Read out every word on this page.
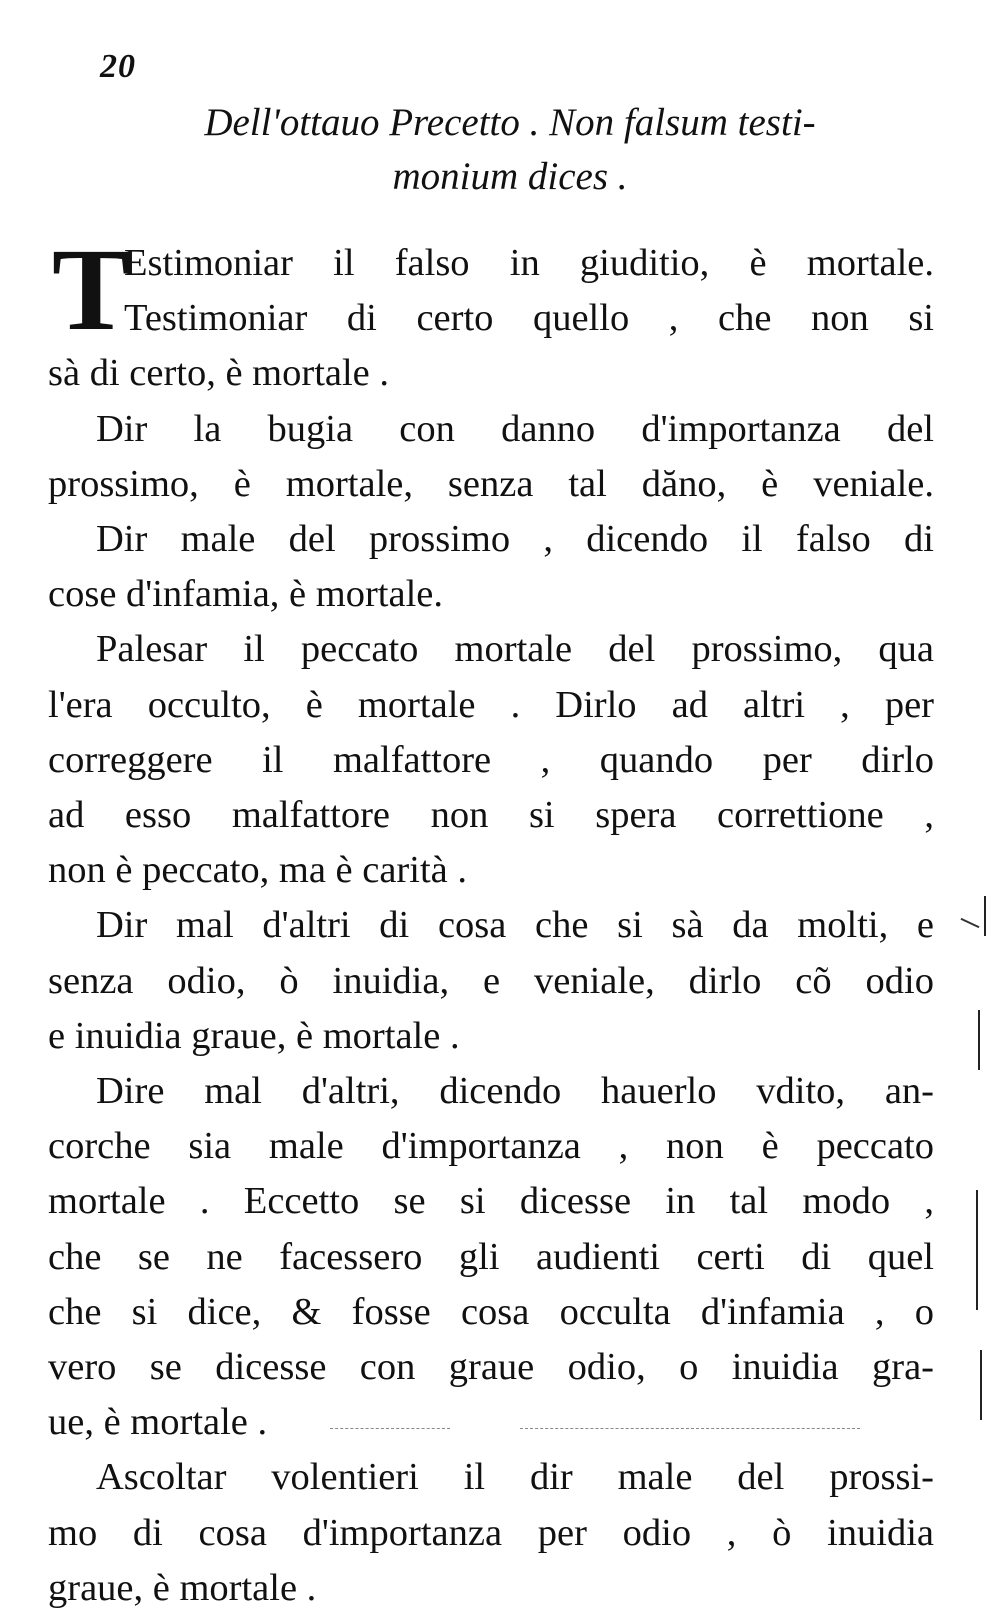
20
Dell'ottauo Precetto . Non falsum testi-
monium dices .
T
Estimoniar il falso in giuditio, è mortale.
Testimoniar di certo quello , che non si
sà di certo, è mortale .
Dir la bugia con danno d'importanza del
prossimo, è mortale, senza tal dăno, è veniale.
Dir male del prossimo , dicendo il falso di
cose d'infamia, è mortale.
Palesar il peccato mortale del prossimo, qua
l'era occulto, è mortale . Dirlo ad altri , per
correggere il malfattore , quando per dirlo
ad esso malfattore non si spera correttione ,
non è peccato, ma è carità .
Dir mal d'altri di cosa che si sà da molti, e
senza odio, ò inuidia, e veniale, dirlo cõ odio
e inuidia graue, è mortale .
Dire mal d'altri, dicendo hauerlo vdito, an-
corche sia male d'importanza , non è peccato
mortale . Eccetto se si dicesse in tal modo ,
che se ne facessero gli audienti certi di quel
che si dice, & fosse cosa occulta d'infamia , o
vero se dicesse con graue odio, o inuidia gra-
ue, è mortale .
Ascoltar volentieri il dir male del prossi-
mo di cosa d'importanza per odio , ò inuidia
graue, è mortale .
